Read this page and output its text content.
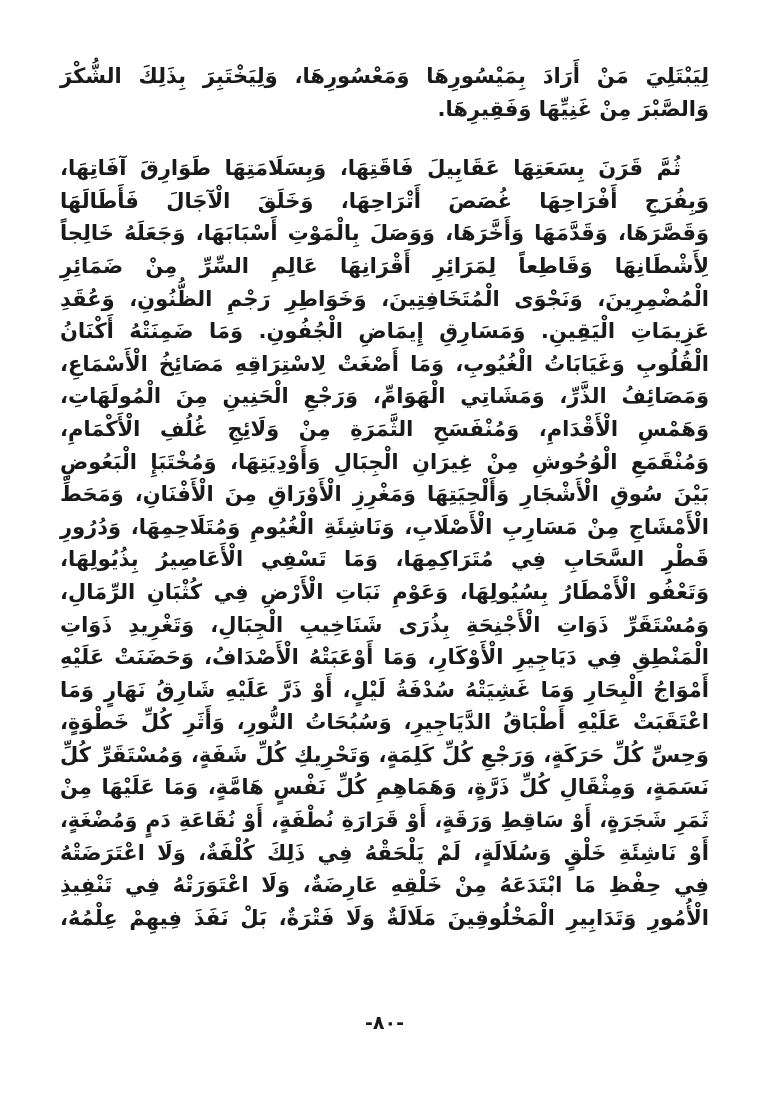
لِيَبْتَلِيَ مَنْ أَرَادَ بِمَيْسُورِهَا وَمَعْسُورِهَا، وَلِيَخْتَبِرَ بِذَلِكَ الشُّكْرَ
وَالصَّبْرَ مِنْ غَنِيِّهَا وَفَقِيرِهَا.

ثُمَّ قَرَنَ بِسَعَتِهَا عَقَابِيلَ فَاقَتِهَا، وَبِسَلَامَتِهَا طَوَارِقَ آفَاتِهَا،
وَبِفُرَجِ أَفْرَاحِهَا غُصَصَ أَتْرَاحِهَا، وَخَلَقَ الْآجَالَ فَأَطَالَهَا
وَقَصَّرَهَا، وَقَدَّمَهَا وَأَخَّرَهَا، وَوَصَلَ بِالْمَوْتِ أَسْبَابَهَا، وَجَعَلَهُ خَالِجاً
لِأَشْطَانِهَا وَقَاطِعاً لِمَرَائِرِ أَقْرَانِهَا عَالِمِ السِّرِّ مِنْ ضَمَائِرِ
الْمُضْمِرِينَ، وَنَجْوَى الْمُتَخَافِتِينَ، وَخَوَاطِرِ رَجْمِ الظُّنُونِ، وَعُقَدِ
عَزِيمَاتِ الْيَقِينِ. وَمَسَارِقِ إِيمَاضِ الْجُفُونِ. وَمَا ضَمِنَتْهُ أَكْنَانُ
الْقُلُوبِ وَغَيَابَاتُ الْغُيُوبِ، وَمَا أَصْغَتْ لِاسْتِرَاقِهِ مَصَائِخُ الْأَسْمَاعِ،
وَمَصَائِفُ الذَّرِّ، وَمَشَاتِي الْهَوَامِّ، وَرَجْعِ الْحَنِينِ مِنَ الْمُولَهَاتِ،
وَهَمْسِ الْأَقْدَامِ، وَمُنْفَسَحِ الثَّمَرَةِ مِنْ وَلَائِجِ غُلُفِ الْأَكْمَامِ،
وَمُنْقَمَعِ الْوُحُوشِ مِنْ غِيرَانِ الْجِبَالِ وَأَوْدِيَتِهَا، وَمُخْتَبَإِ الْبَعُوضِ
بَيْنَ سُوقِ الْأَشْجَارِ وَأَلْحِيَتِهَا وَمَغْرِزِ الْأَوْرَاقِ مِنَ الْأَفْنَانِ، وَمَحَطِّ
الْأَمْشَاجِ مِنْ مَسَارِبِ الْأَصْلَابِ، وَنَاشِئَةِ الْغُيُومِ وَمُتَلَاحِمِهَا، وَدُرُورِ
قَطْرِ السَّحَابِ فِي مُتَرَاكِمِهَا، وَمَا تَسْفِي الْأَعَاصِيرُ بِذُيُولِهَا،
وَتَعْفُو الْأَمْطَارُ بِسُيُولِهَا، وَعَوْمِ نَبَاتِ الْأَرْضِ فِي كُثْبَانِ الرِّمَالِ،
وَمُسْتَقَرِّ ذَوَاتِ الْأَجْنِحَةِ بِذُرَى شَنَاخِيبِ الْجِبَالِ، وَتَغْرِيدِ ذَوَاتِ
الْمَنْطِقِ فِي دَيَاجِيرِ الْأَوْكَارِ، وَمَا أَوْعَبَتْهُ الْأَصْدَافُ، وَحَضَنَتْ عَلَيْهِ
أَمْوَاجُ الْبِحَارِ وَمَا غَشِيَتْهُ سُدْفَةُ لَيْلٍ، أَوْ ذَرَّ عَلَيْهِ شَارِقُ نَهَارٍ وَمَا
اعْتَقَبَتْ عَلَيْهِ أَطْبَاقُ الدَّيَاجِيرِ، وَسُبُحَاتُ النُّورِ، وَأَثَرِ كُلِّ خَطْوَةٍ،
وَحِسِّ كُلِّ حَرَكَةٍ، وَرَجْعِ كُلِّ كَلِمَةٍ، وَتَحْرِيكِ كُلِّ شَفَةٍ، وَمُسْتَقَرِّ كُلِّ
نَسَمَةٍ، وَمِثْقَالِ كُلِّ ذَرَّةٍ، وَهَمَاهِمِ كُلِّ نَفْسٍ هَامَّةٍ، وَمَا عَلَيْهَا مِنْ
ثَمَرِ شَجَرَةٍ، أَوْ سَاقِطِ وَرَقَةٍ، أَوْ قَرَارَةِ نُطْفَةٍ، أَوْ نُقَاعَةِ دَمٍ وَمُضْغَةٍ،
أَوْ نَاشِئَةِ خَلْقٍ وَسُلَالَةٍ، لَمْ يَلْحَقْهُ فِي ذَلِكَ كُلْفَةٌ، وَلَا اعْتَرَضَتْهُ
فِي حِفْظِ مَا ابْتَدَعَهُ مِنْ خَلْقِهِ عَارِضَةٌ، وَلَا اعْتَوَرَتْهُ فِي تَنْفِيذِ
الْأُمُورِ وَتَدَابِيرِ الْمَخْلُوقِينَ مَلَالَةٌ وَلَا فَتْرَةٌ، بَلْ نَفَذَ فِيهِمْ عِلْمُهُ،

-٨٠-
